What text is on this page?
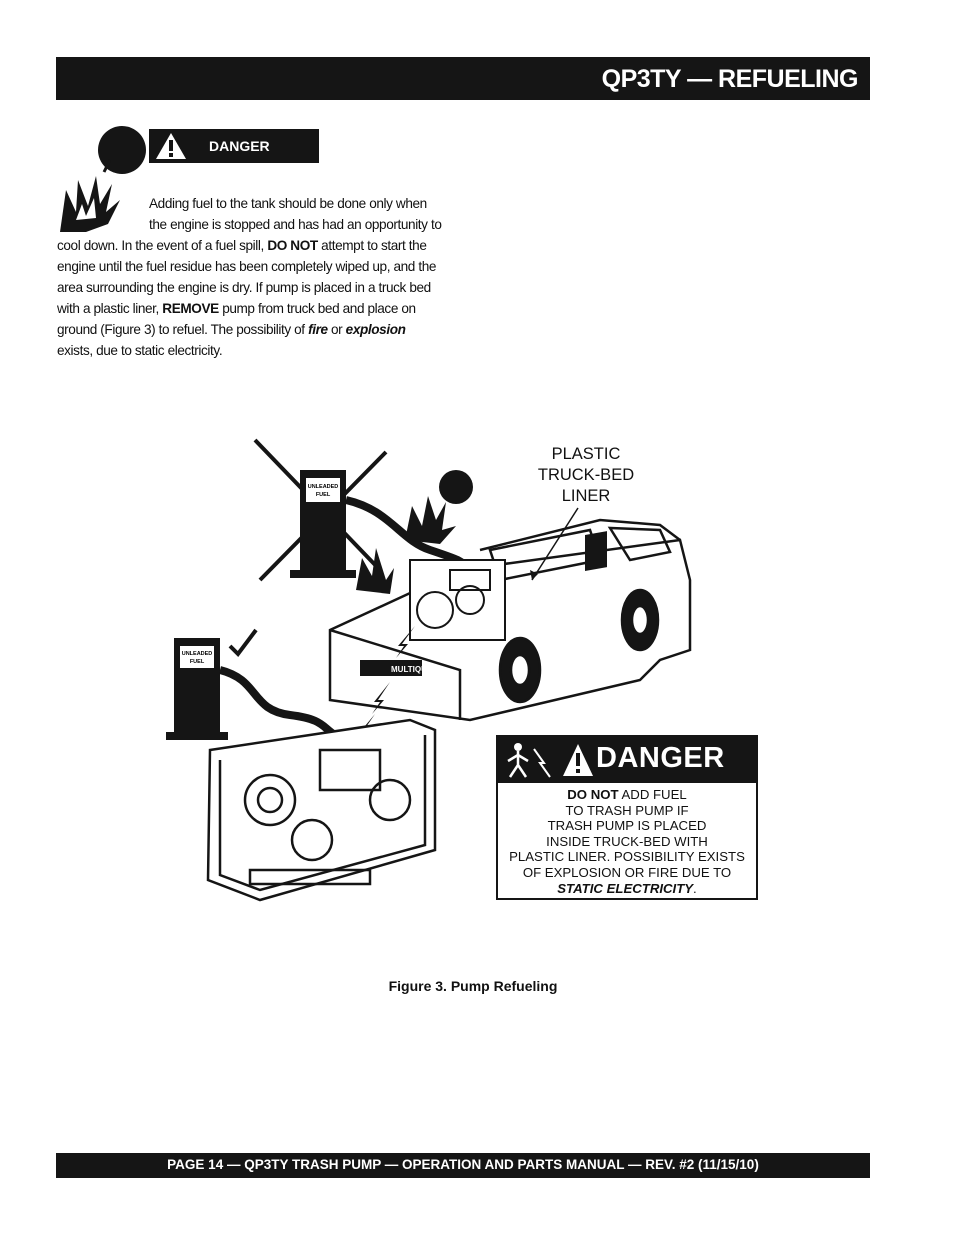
QP3TY — REFUELING
DANGER
Adding fuel to the tank should be done only when
the engine is stopped and has had an opportunity to
cool down. In the event of a fuel spill, DO NOT attempt to start the
engine until the fuel residue has been completely wiped up, and the
area surrounding the engine is dry. If pump is placed in a truck bed
with a plastic liner, REMOVE pump from truck bed and place on
ground (Figure 3) to refuel. The possibility of fire or explosion
exists, due to static electricity.
UNLEADED
FUEL
MULTIQUIP
UNLEADED
FUEL
PLASTIC
TRUCK-BED
LINER
DANGER
DO NOT ADD FUEL
TO TRASH PUMP IF
TRASH PUMP IS PLACED
INSIDE TRUCK-BED WITH
PLASTIC LINER. POSSIBILITY EXISTS
OF EXPLOSION OR FIRE DUE TO
STATIC ELECTRICITY.
Figure 3. Pump Refueling
PAGE 14 — QP3TY TRASH PUMP — OPERATION AND PARTS MANUAL — REV. #2 (11/15/10)
